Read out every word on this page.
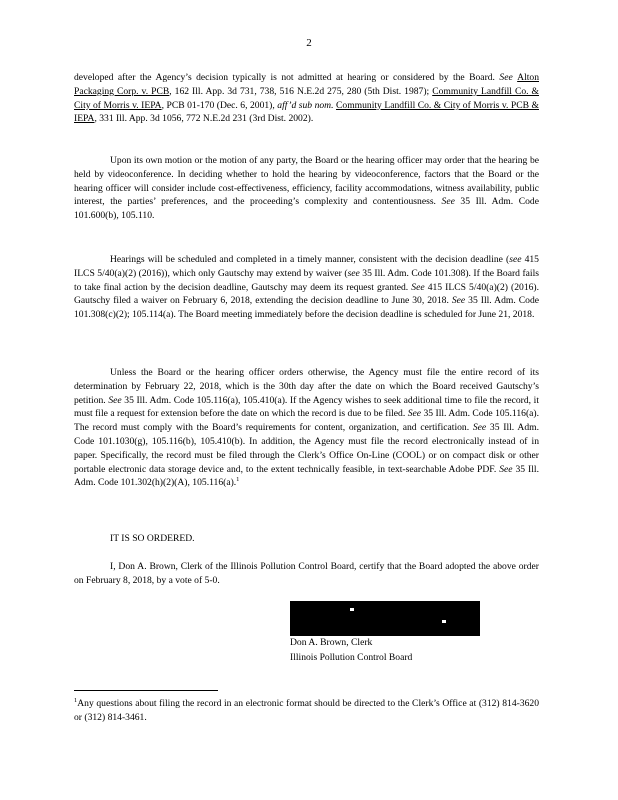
2

developed after the Agency’s decision typically is not admitted at hearing or considered by the Board. See Alton Packaging Corp. v. PCB, 162 Ill. App. 3d 731, 738, 516 N.E.2d 275, 280 (5th Dist. 1987); Community Landfill Co. & City of Morris v. IEPA, PCB 01-170 (Dec. 6, 2001), aff’d sub nom. Community Landfill Co. & City of Morris v. PCB & IEPA, 331 Ill. App. 3d 1056, 772 N.E.2d 231 (3rd Dist. 2002).

Upon its own motion or the motion of any party, the Board or the hearing officer may order that the hearing be held by videoconference. In deciding whether to hold the hearing by videoconference, factors that the Board or the hearing officer will consider include cost-effectiveness, efficiency, facility accommodations, witness availability, public interest, the parties’ preferences, and the proceeding’s complexity and contentiousness. See 35 Ill. Adm. Code 101.600(b), 105.110.

Hearings will be scheduled and completed in a timely manner, consistent with the decision deadline (see 415 ILCS 5/40(a)(2) (2016)), which only Gautschy may extend by waiver (see 35 Ill. Adm. Code 101.308). If the Board fails to take final action by the decision deadline, Gautschy may deem its request granted. See 415 ILCS 5/40(a)(2) (2016). Gautschy filed a waiver on February 6, 2018, extending the decision deadline to June 30, 2018. See 35 Ill. Adm. Code 101.308(c)(2); 105.114(a). The Board meeting immediately before the decision deadline is scheduled for June 21, 2018.

Unless the Board or the hearing officer orders otherwise, the Agency must file the entire record of its determination by February 22, 2018, which is the 30th day after the date on which the Board received Gautschy’s petition. See 35 Ill. Adm. Code 105.116(a), 105.410(a). If the Agency wishes to seek additional time to file the record, it must file a request for extension before the date on which the record is due to be filed. See 35 Ill. Adm. Code 105.116(a). The record must comply with the Board’s requirements for content, organization, and certification. See 35 Ill. Adm. Code 101.1030(g), 105.116(b), 105.410(b). In addition, the Agency must file the record electronically instead of in paper. Specifically, the record must be filed through the Clerk’s Office On-Line (COOL) or on compact disk or other portable electronic data storage device and, to the extent technically feasible, in text-searchable Adobe PDF. See 35 Ill. Adm. Code 101.302(h)(2)(A), 105.116(a).$^1$

IT IS SO ORDERED.

I, Don A. Brown, Clerk of the Illinois Pollution Control Board, certify that the Board adopted the above order on February 8, 2018, by a vote of 5-0.

Don A. Brown, Clerk
Illinois Pollution Control Board

$^1$Any questions about filing the record in an electronic format should be directed to the Clerk’s Office at (312) 814-3620 or (312) 814-3461.
